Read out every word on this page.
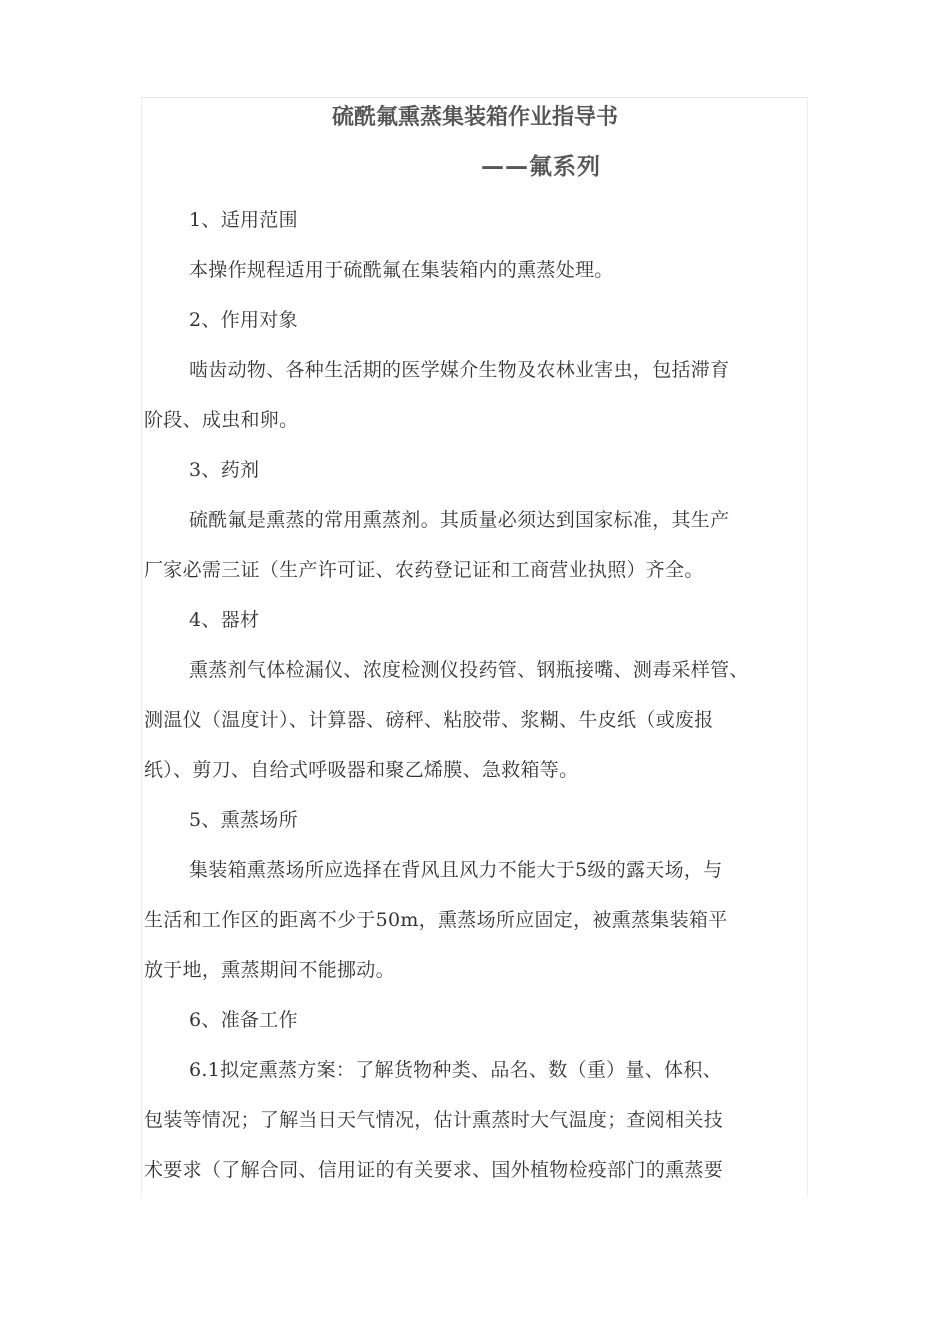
硫酰氟熏蒸集装箱作业指导书
——氟系列
1、适用范围
本操作规程适用于硫酰氟在集装箱内的熏蒸处理。
2、作用对象
啮齿动物、各种生活期的医学媒介生物及农林业害虫，包括滞育
阶段、成虫和卵。
3、药剂
硫酰氟是熏蒸的常用熏蒸剂。其质量必须达到国家标准，其生产
厂家必需三证（生产许可证、农药登记证和工商营业执照）齐全。
4、器材
熏蒸剂气体检漏仪、浓度检测仪投药管、钢瓶接嘴、测毒采样管、
测温仪（温度计）、计算器、磅秤、粘胶带、浆糊、牛皮纸（或废报
纸）、剪刀、自给式呼吸器和聚乙烯膜、急救箱等。
5、熏蒸场所
集装箱熏蒸场所应选择在背风且风力不能大于5级的露天场，与
生活和工作区的距离不少于50m，熏蒸场所应固定，被熏蒸集装箱平
放于地，熏蒸期间不能挪动。
6、准备工作
6.1拟定熏蒸方案：了解货物种类、品名、数（重）量、体积、
包装等情况；了解当日天气情况，估计熏蒸时大气温度；查阅相关技
术要求（了解合同、信用证的有关要求、国外植物检疫部门的熏蒸要
